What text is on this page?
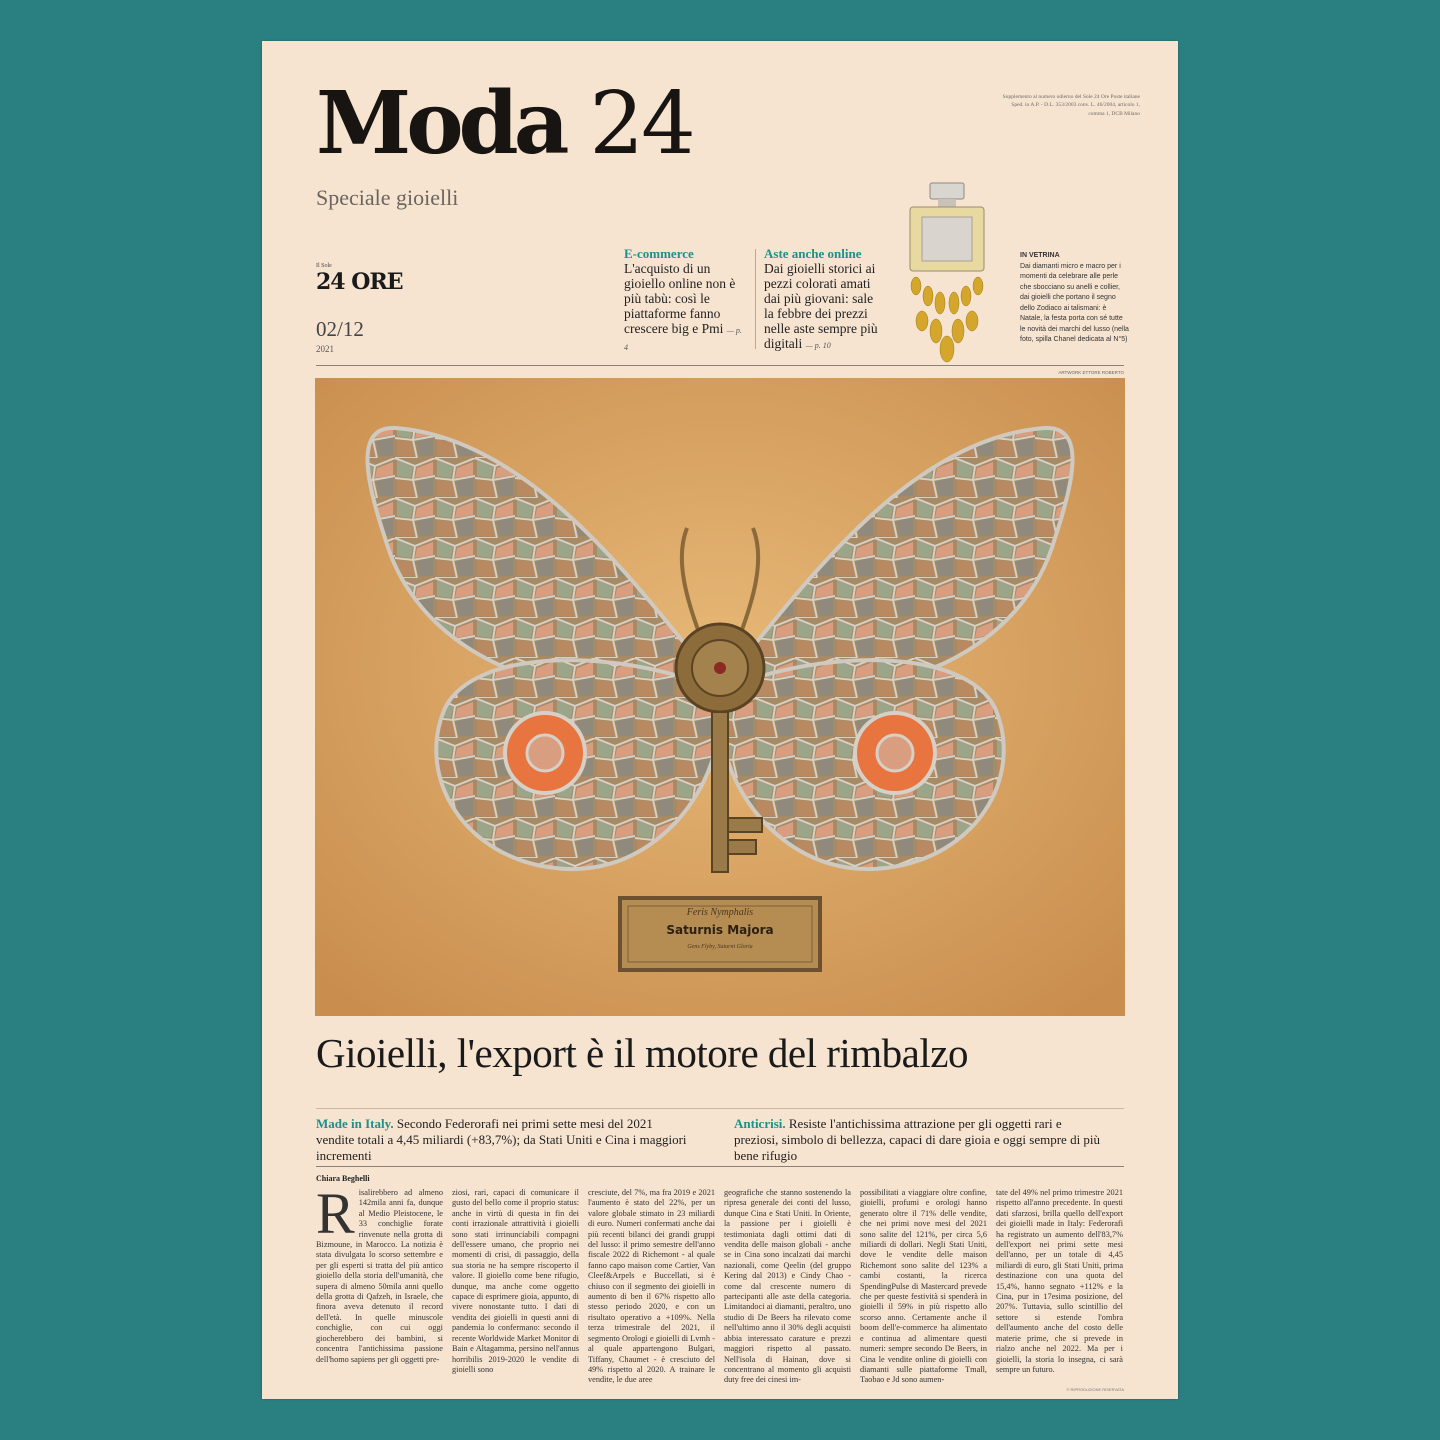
Moda 24
Speciale gioielli
Supplemento al numero odierno del Sole 24 Ore Poste italiane Sped. in A.P. - D.L. 353/2003 conv. L. 46/2004, articolo 1, comma 1, DCB Milano
Il Sole
24 ORE
02/12
2021
E-commerce
L'acquisto di un gioiello online non è più tabù: così le piattaforme fanno crescere big e Pmi — p. 4
Aste anche online
Dai gioielli storici ai pezzi colorati amati dai più giovani: sale la febbre dei prezzi nelle aste sempre più digitali — p. 10
IN VETRINA
Dai diamanti micro e macro per i momenti da celebrare alle perle che sbocciano su anelli e collier, dai gioielli che portano il segno dello Zodiaco ai talismani: è Natale, la festa porta con sé tutte le novità dei marchi del lusso (nella foto, spilla Chanel dedicata al N°5)
ARTWORK ETTORE ROBERTO
Feris Nymphalis
Saturnis Majora
Gens Flyby, Saturni Gloria
Gioielli, l'export è il motore del rimbalzo
Made in Italy. Secondo Federorafi nei primi sette mesi del 2021 vendite totali a 4,45 miliardi (+83,7%); da Stati Uniti e Cina i maggiori incrementi
Anticrisi. Resiste l'antichissima attrazione per gli oggetti rari e preziosi, simbolo di bellezza, capaci di dare gioia e oggi sempre di più bene rifugio
Chiara Beghelli
Risalirebbero ad almeno 142mila anni fa, dunque al Medio Pleistocene, le 33 conchiglie forate rinvenute nella grotta di Bizmoune, in Marocco. La notizia è stata divulgata lo scorso settembre e per gli esperti si tratta del più antico gioiello della storia dell'umanità, che supera di almeno 50mila anni quello della grotta di Qafzeh, in Israele, che finora aveva detenuto il record dell'età. In quelle minuscole conchiglie, con cui oggi giocherebbero dei bambini, si concentra l'antichissima passione dell'homo sapiens per gli oggetti pre-
ziosi, rari, capaci di comunicare il gusto del bello come il proprio status: anche in virtù di questa in fin dei conti irrazionale attrattività i gioielli sono stati irrinunciabili compagni dell'essere umano, che proprio nei momenti di crisi, di passaggio, della sua storia ne ha sempre riscoperto il valore. Il gioiello come bene rifugio, dunque, ma anche come oggetto capace di esprimere gioia, appunto, di vivere nonostante tutto. I dati di vendita dei gioielli in questi anni di pandemia lo confermano: secondo il recente Worldwide Market Monitor di Bain e Altagamma, persino nell'annus horribilis 2019-2020 le vendite di gioielli sono
cresciute, del 7%, ma fra 2019 e 2021 l'aumento è stato del 22%, per un valore globale stimato in 23 miliardi di euro. Numeri confermati anche dai più recenti bilanci dei grandi gruppi del lusso: il primo semestre dell'anno fiscale 2022 di Richemont - al quale fanno capo maison come Cartier, Van Cleef&Arpels e Buccellati, si è chiuso con il segmento dei gioielli in aumento di ben il 67% rispetto allo stesso periodo 2020, e con un risultato operativo a +109%. Nella terza trimestrale del 2021, il segmento Orologi e gioielli di Lvmh - al quale appartengono Bulgari, Tiffany, Chaumet - è cresciuto del 49% rispetto al 2020. A trainare le vendite, le due aree
geografiche che stanno sostenendo la ripresa generale dei conti del lusso, dunque Cina e Stati Uniti. In Oriente, la passione per i gioielli è testimoniata dagli ottimi dati di vendita delle maison globali - anche se in Cina sono incalzati dai marchi nazionali, come Qeelin (del gruppo Kering dal 2013) e Cindy Chao - come dal crescente numero di partecipanti alle aste della categoria. Limitandoci ai diamanti, peraltro, uno studio di De Beers ha rilevato come nell'ultimo anno il 30% degli acquisti abbia interessato carature e prezzi maggiori rispetto al passato. Nell'isola di Hainan, dove si concentrano al momento gli acquisti duty free dei cinesi im-
possibilitati a viaggiare oltre confine, gioielli, profumi e orologi hanno generato oltre il 71% delle vendite, che nei primi nove mesi del 2021 sono salite del 121%, per circa 5,6 miliardi di dollari. Negli Stati Uniti, dove le vendite delle maison Richemont sono salite del 123% a cambi costanti, la ricerca SpendingPulse di Mastercard prevede che per queste festività si spenderà in gioielli il 59% in più rispetto allo scorso anno. Certamente anche il boom dell'e-commerce ha alimentato e continua ad alimentare questi numeri: sempre secondo De Beers, in Cina le vendite online di gioielli con diamanti sulle piattaforme Tmall, Taobao e Jd sono aumen-
tate del 49% nel primo trimestre 2021 rispetto all'anno precedente. In questi dati sfarzosi, brilla quello dell'export dei gioielli made in Italy: Federorafi ha registrato un aumento dell'83,7% dell'export nei primi sette mesi dell'anno, per un totale di 4,45 miliardi di euro, gli Stati Uniti, prima destinazione con una quota del 15,4%, hanno segnato +112% e la Cina, pur in 17esima posizione, del 207%. Tuttavia, sullo scintillio del settore si estende l'ombra dell'aumento anche del costo delle materie prime, che si prevede in rialzo anche nel 2022. Ma per i gioielli, la storia lo insegna, ci sarà sempre un futuro.
© RIPRODUZIONE RISERVATA
